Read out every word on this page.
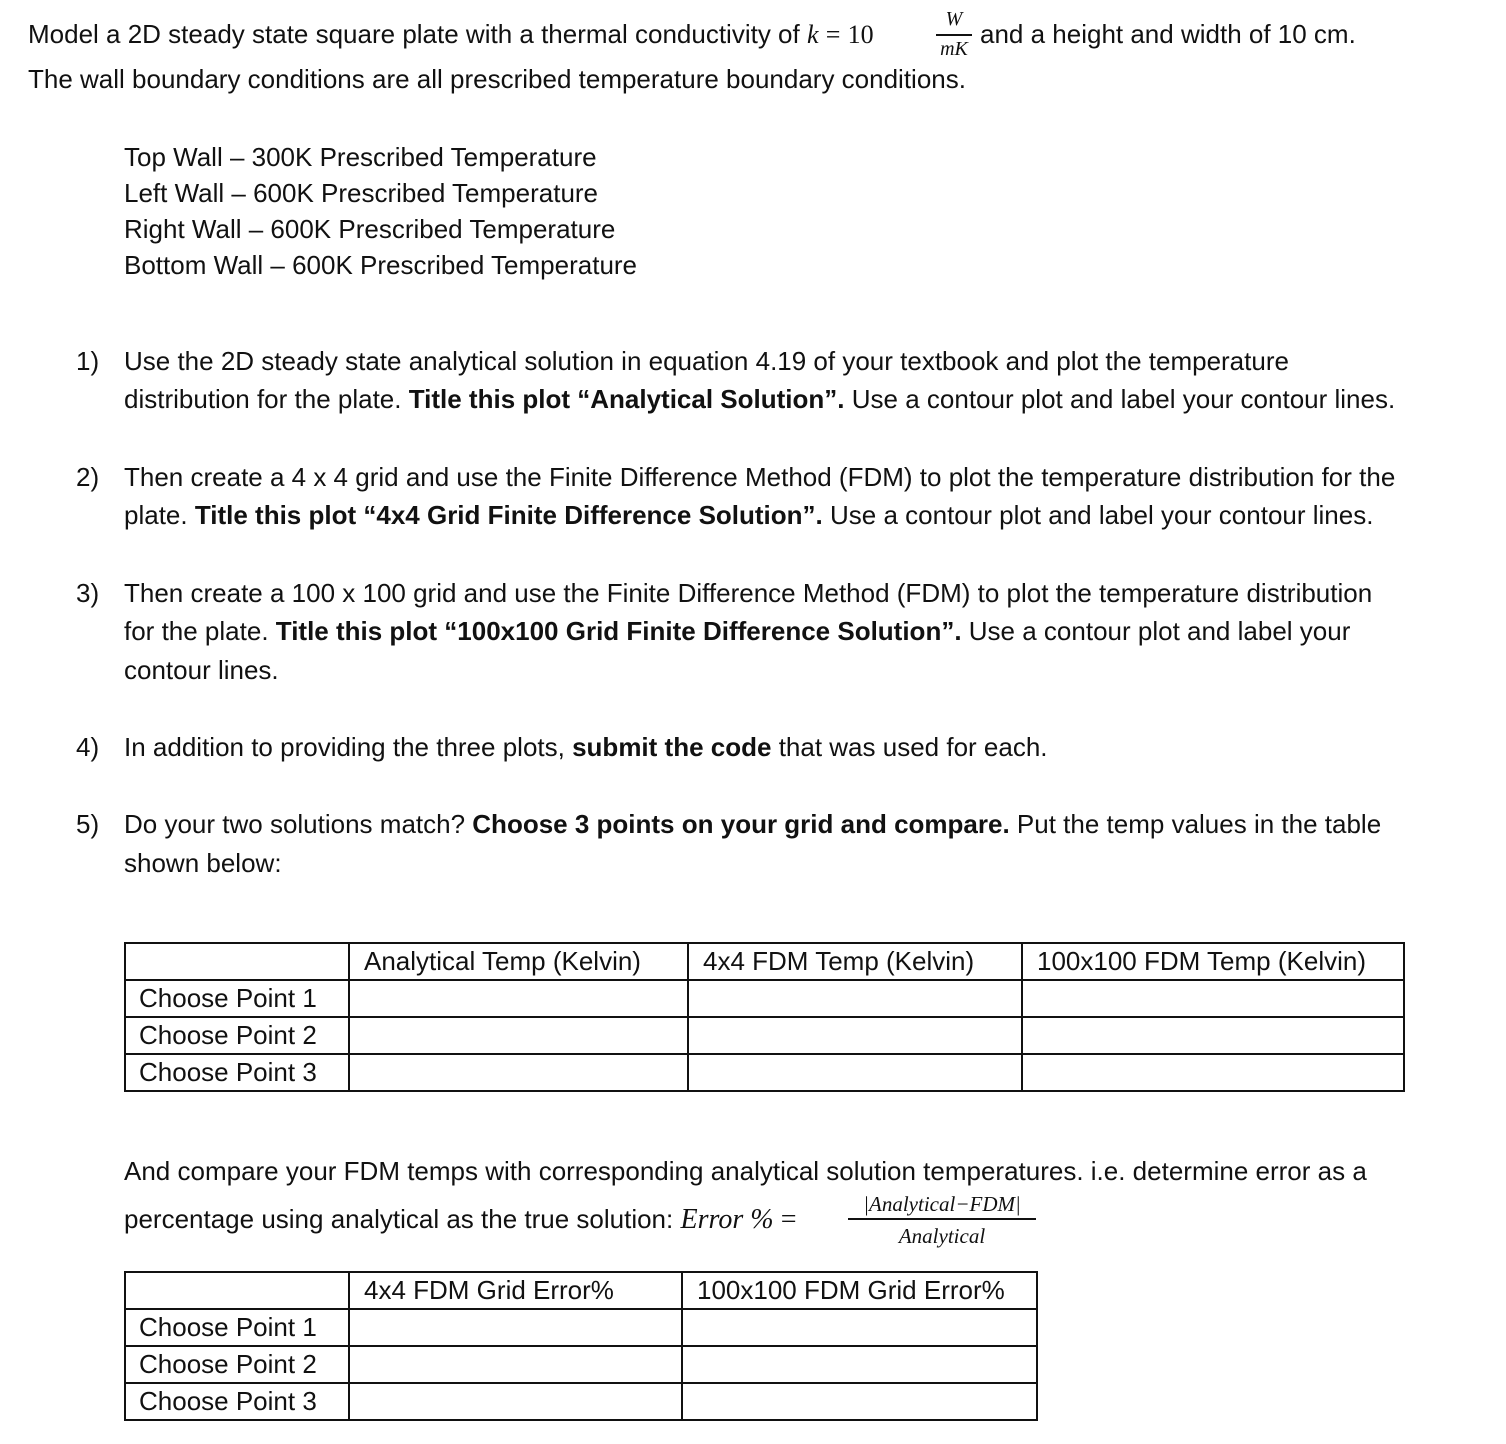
Model a 2D steady state square plate with a thermal conductivity of k = 10
W
mK and a height and width of 10 cm.
The wall boundary conditions are all prescribed temperature boundary conditions.
Top Wall – 300K Prescribed Temperature
Left Wall – 600K Prescribed Temperature
Right Wall – 600K Prescribed Temperature
Bottom Wall – 600K Prescribed Temperature
1) Use the 2D steady state analytical solution in equation 4.19 of your textbook and plot the temperature
distribution for the plate. Title this plot “Analytical Solution”. Use a contour plot and label your contour lines.
2) Then create a 4 x 4 grid and use the Finite Difference Method (FDM) to plot the temperature distribution for the
plate. Title this plot “4x4 Grid Finite Difference Solution”. Use a contour plot and label your contour lines.
3) Then create a 100 x 100 grid and use the Finite Difference Method (FDM) to plot the temperature distribution
for the plate. Title this plot “100x100 Grid Finite Difference Solution”. Use a contour plot and label your
contour lines.
4) In addition to providing the three plots, submit the code that was used for each.
5) Do your two solutions match? Choose 3 points on your grid and compare. Put the temp values in the table
shown below:
	Analytical Temp (Kelvin)	4x4 FDM Temp (Kelvin)	100x100 FDM Temp (Kelvin)
Choose Point 1			
Choose Point 2			
Choose Point 3			
And compare your FDM temps with corresponding analytical solution temperatures. i.e. determine error as a
percentage using analytical as the true solution: Error % =	|Analytical−FDM|
Analytical
	4x4 FDM Grid Error%	100x100 FDM Grid Error%
Choose Point 1		
Choose Point 2		
Choose Point 3		
